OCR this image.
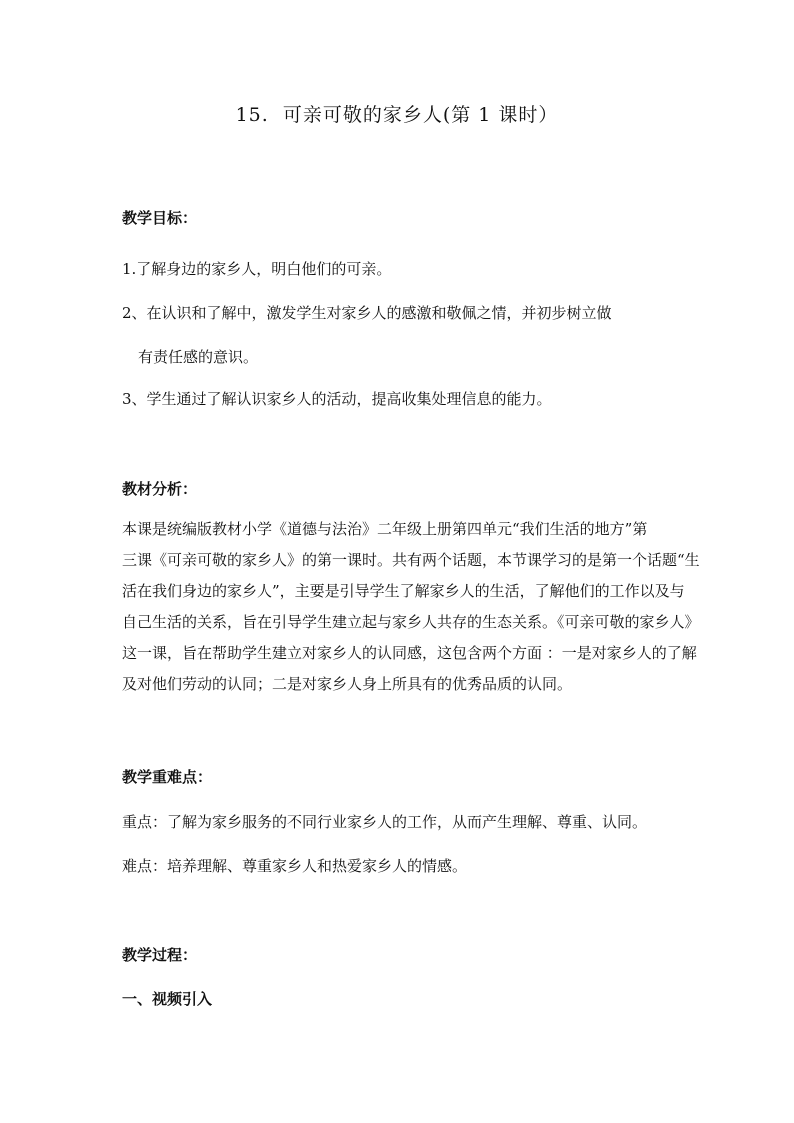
15. 可亲可敬的家乡人(第 1 课时）
教学目标：
1.了解身边的家乡人，明白他们的可亲。
2、在认识和了解中，激发学生对家乡人的感激和敬佩之情，并初步树立做
有责任感的意识。
3、学生通过了解认识家乡人的活动，提高收集处理信息的能力。
教材分析：
本课是统编版教材小学《道德与法治》二年级上册第四单元“我们生活的地方”第
三课《可亲可敬的家乡人》的第一课时。共有两个话题，本节课学习的是第一个话题“生
活在我们身边的家乡人”，主要是引导学生了解家乡人的生活，了解他们的工作以及与
自己生活的关系，旨在引导学生建立起与家乡人共存的生态关系。《可亲可敬的家乡人》
这一课，旨在帮助学生建立对家乡人的认同感，这包含两个方面 ：一是对家乡人的了解
及对他们劳动的认同；二是对家乡人身上所具有的优秀品质的认同。
教学重难点：
重点：了解为家乡服务的不同行业家乡人的工作，从而产生理解、尊重、认同。
难点：培养理解、尊重家乡人和热爱家乡人的情感。
教学过程：
一、视频引入
